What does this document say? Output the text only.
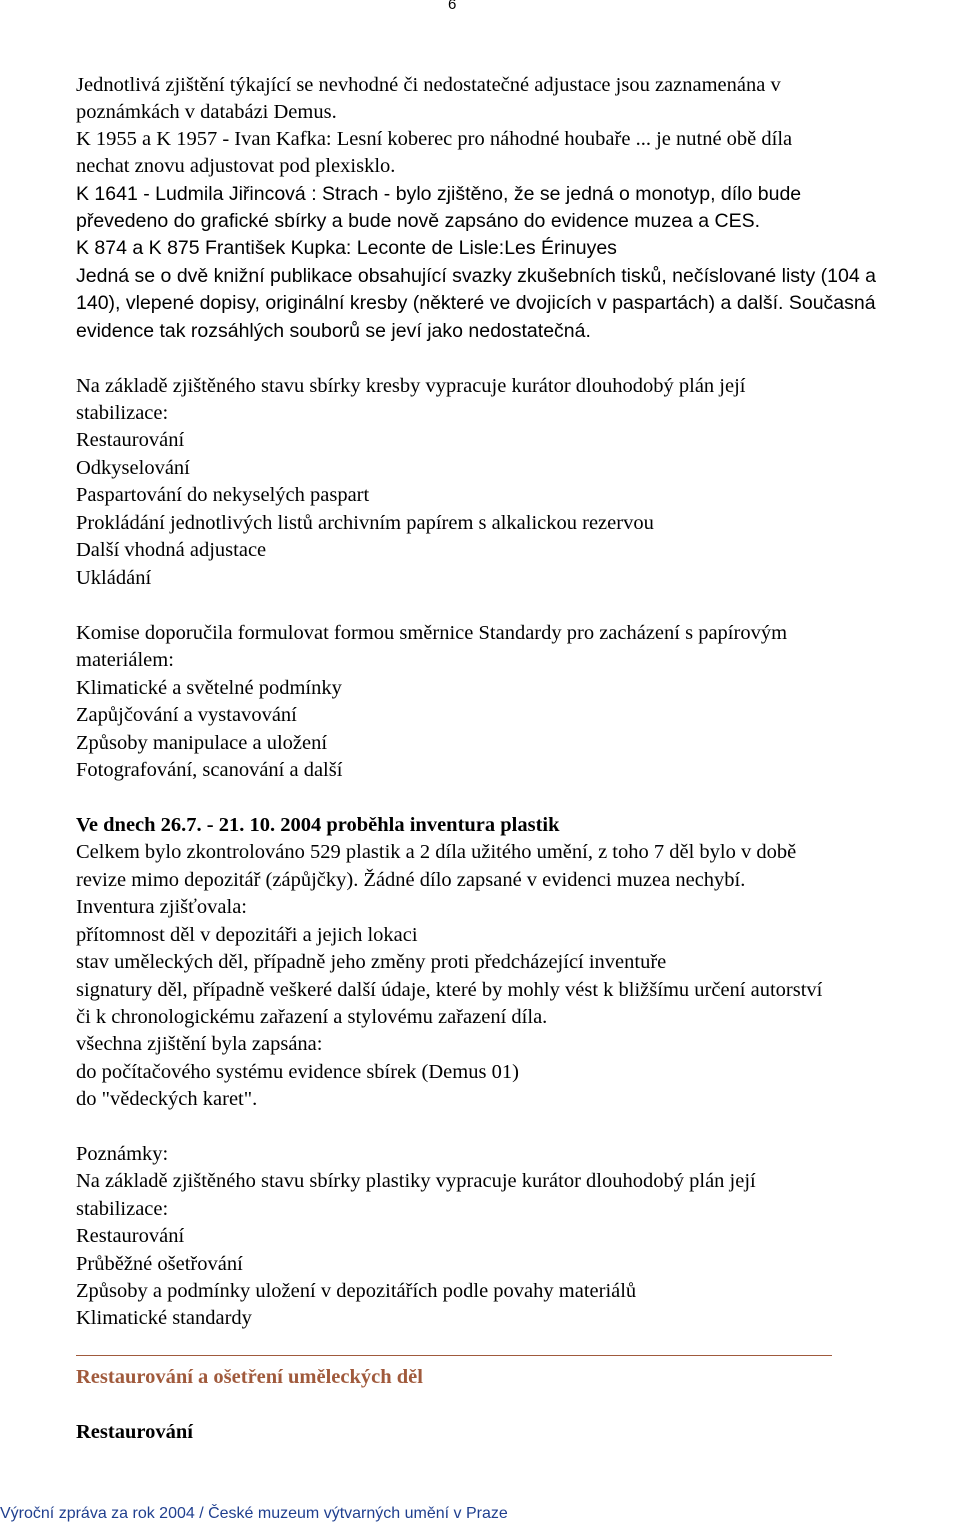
6
Jednotlivá zjištění týkající se nevhodné či nedostatečné adjustace jsou zaznamenána v
poznámkách v databázi Demus.
K 1955 a K 1957 - Ivan Kafka: Lesní koberec pro náhodné houbaře ... je nutné obě díla
nechat znovu adjustovat pod plexisklo.
K 1641 - Ludmila Jiřincová : Strach - bylo zjištěno, že se jedná o monotyp, dílo bude
převedeno do grafické sbírky a bude nově zapsáno do evidence muzea a CES.
K 874 a K 875 František Kupka: Leconte de Lisle:Les Érinuyes
Jedná se o dvě knižní publikace obsahující svazky zkušebních tisků, nečíslované listy (104 a
140), vlepené dopisy, originální kresby (některé ve dvojicích v paspartách) a další. Současná
evidence tak rozsáhlých souborů se jeví jako nedostatečná.
Na základě zjištěného stavu sbírky kresby vypracuje kurátor dlouhodobý plán její
stabilizace:
Restaurování
Odkyselování
Paspartování do nekyselých paspart
Prokládání jednotlivých listů archivním papírem s alkalickou rezervou
Další vhodná adjustace
Ukládání
Komise doporučila formulovat formou směrnice Standardy pro zacházení s papírovým
materiálem:
Klimatické a světelné podmínky
Zapůjčování a vystavování
Způsoby manipulace a uložení
Fotografování, scanování a další
Ve dnech 26.7. - 21. 10. 2004 proběhla inventura plastik
Celkem bylo zkontrolováno 529 plastik a 2 díla užitého umění, z toho 7 děl bylo v době
revize mimo depozitář (zápůjčky). Žádné dílo zapsané v evidenci muzea nechybí.
Inventura zjišťovala:
přítomnost děl v depozitáři a jejich lokaci
stav uměleckých děl, případně jeho změny proti předcházející inventuře
signatury děl, případně veškeré další údaje, které by mohly vést k bližšímu určení autorství
či k chronologickému zařazení a stylovému zařazení díla.
všechna zjištění byla zapsána:
do počítačového systému evidence sbírek (Demus 01)
do "vědeckých karet".
Poznámky:
Na základě zjištěného stavu sbírky plastiky vypracuje kurátor dlouhodobý plán její
stabilizace:
Restaurování
Průběžné ošetřování
Způsoby a podmínky uložení v depozitářích podle povahy materiálů
Klimatické standardy
Restaurování a ošetření uměleckých děl
Restaurování
Výroční zpráva za rok 2004 / České muzeum výtvarných umění v Praze
